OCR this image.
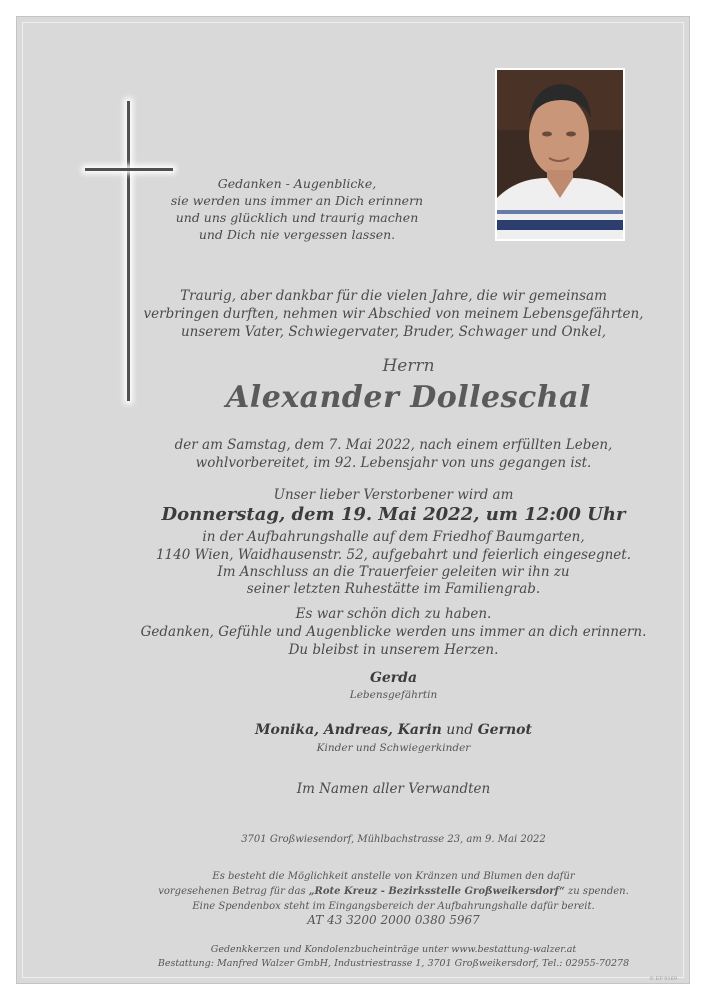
Gedanken - Augenblicke,
sie werden uns immer an Dich erinnern
und uns glücklich und traurig machen
und Dich nie vergessen lassen.
Traurig, aber dankbar für die vielen Jahre, die wir gemeinsam
verbringen durften, nehmen wir Abschied von meinem Lebensgefährten,
unserem Vater, Schwiegervater, Bruder, Schwager und Onkel,
Herrn
Alexander Dolleschal
der am Samstag, dem 7. Mai 2022, nach einem erfüllten Leben,
wohlvorbereitet, im 92. Lebensjahr von uns gegangen ist.
Unser lieber Verstorbener wird am
Donnerstag, dem 19. Mai 2022, um 12:00 Uhr
in der Aufbahrungshalle auf dem Friedhof Baumgarten,
1140 Wien, Waidhausenstr. 52, aufgebahrt und feierlich eingesegnet.
Im Anschluss an die Trauerfeier geleiten wir ihn zu
seiner letzten Ruhestätte im Familiengrab.
Es war schön dich zu haben.
Gedanken, Gefühle und Augenblicke werden uns immer an dich erinnern.
Du bleibst in unserem Herzen.
Gerda
Lebensgefährtin
Monika, Andreas, Karin und Gernot
Kinder und Schwiegerkinder
Im Namen aller Verwandten
3701 Großwiesendorf, Mühlbachstrasse 23, am 9. Mai 2022
Es besteht die Möglichkeit anstelle von Kränzen und Blumen den dafür
vorgesehenen Betrag für das „Rote Kreuz - Bezirksstelle Großweikersdorf“ zu spenden.
Eine Spendenbox steht im Eingangsbereich der Aufbahrungshalle dafür bereit.
AT 43 3200 2000 0380 5967
Gedenkkerzen und Kondolenzbucheinträge unter www.bestattung-walzer.at
Bestattung: Manfred Walzer GmbH, Industriestrasse 1, 3701 Großweikersdorf, Tel.: 02955-70278
© EP 9169
